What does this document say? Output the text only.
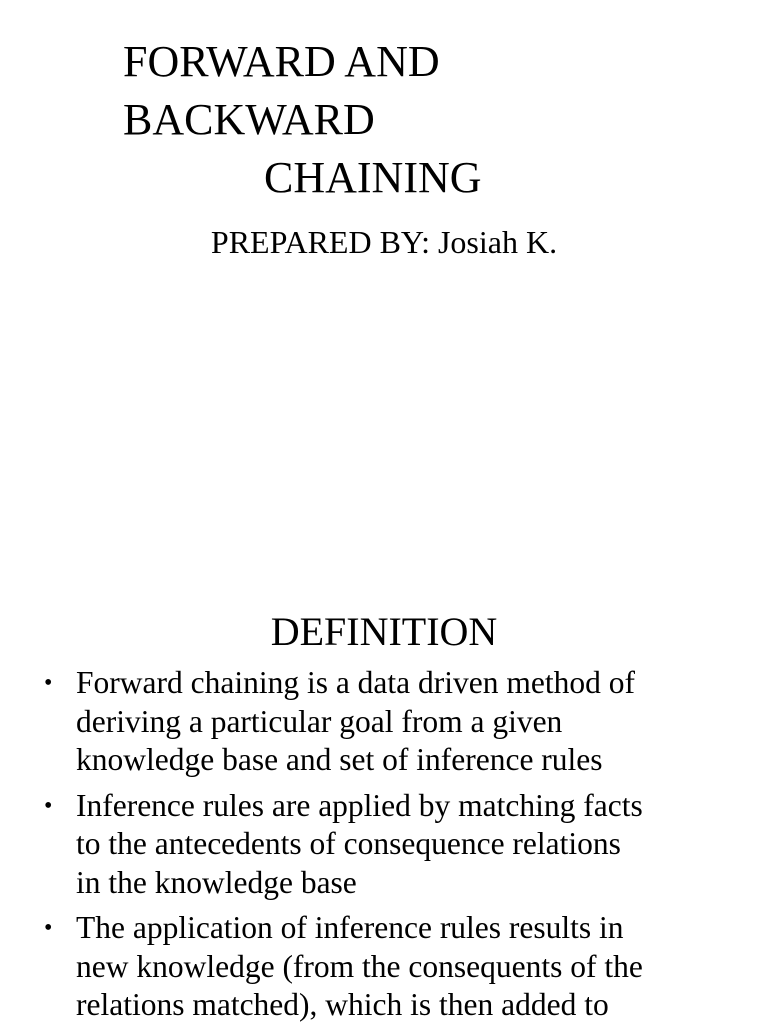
FORWARD AND
BACKWARD
CHAINING
PREPARED BY: Josiah K.
DEFINITION
• Forward chaining is a data driven method of
deriving a particular goal from a given
knowledge base and set of inference rules
• Inference rules are applied by matching facts
to the antecedents of consequence relations
in the knowledge base
• The application of inference rules results in
new knowledge (from the consequents of the
relations matched), which is then added to
